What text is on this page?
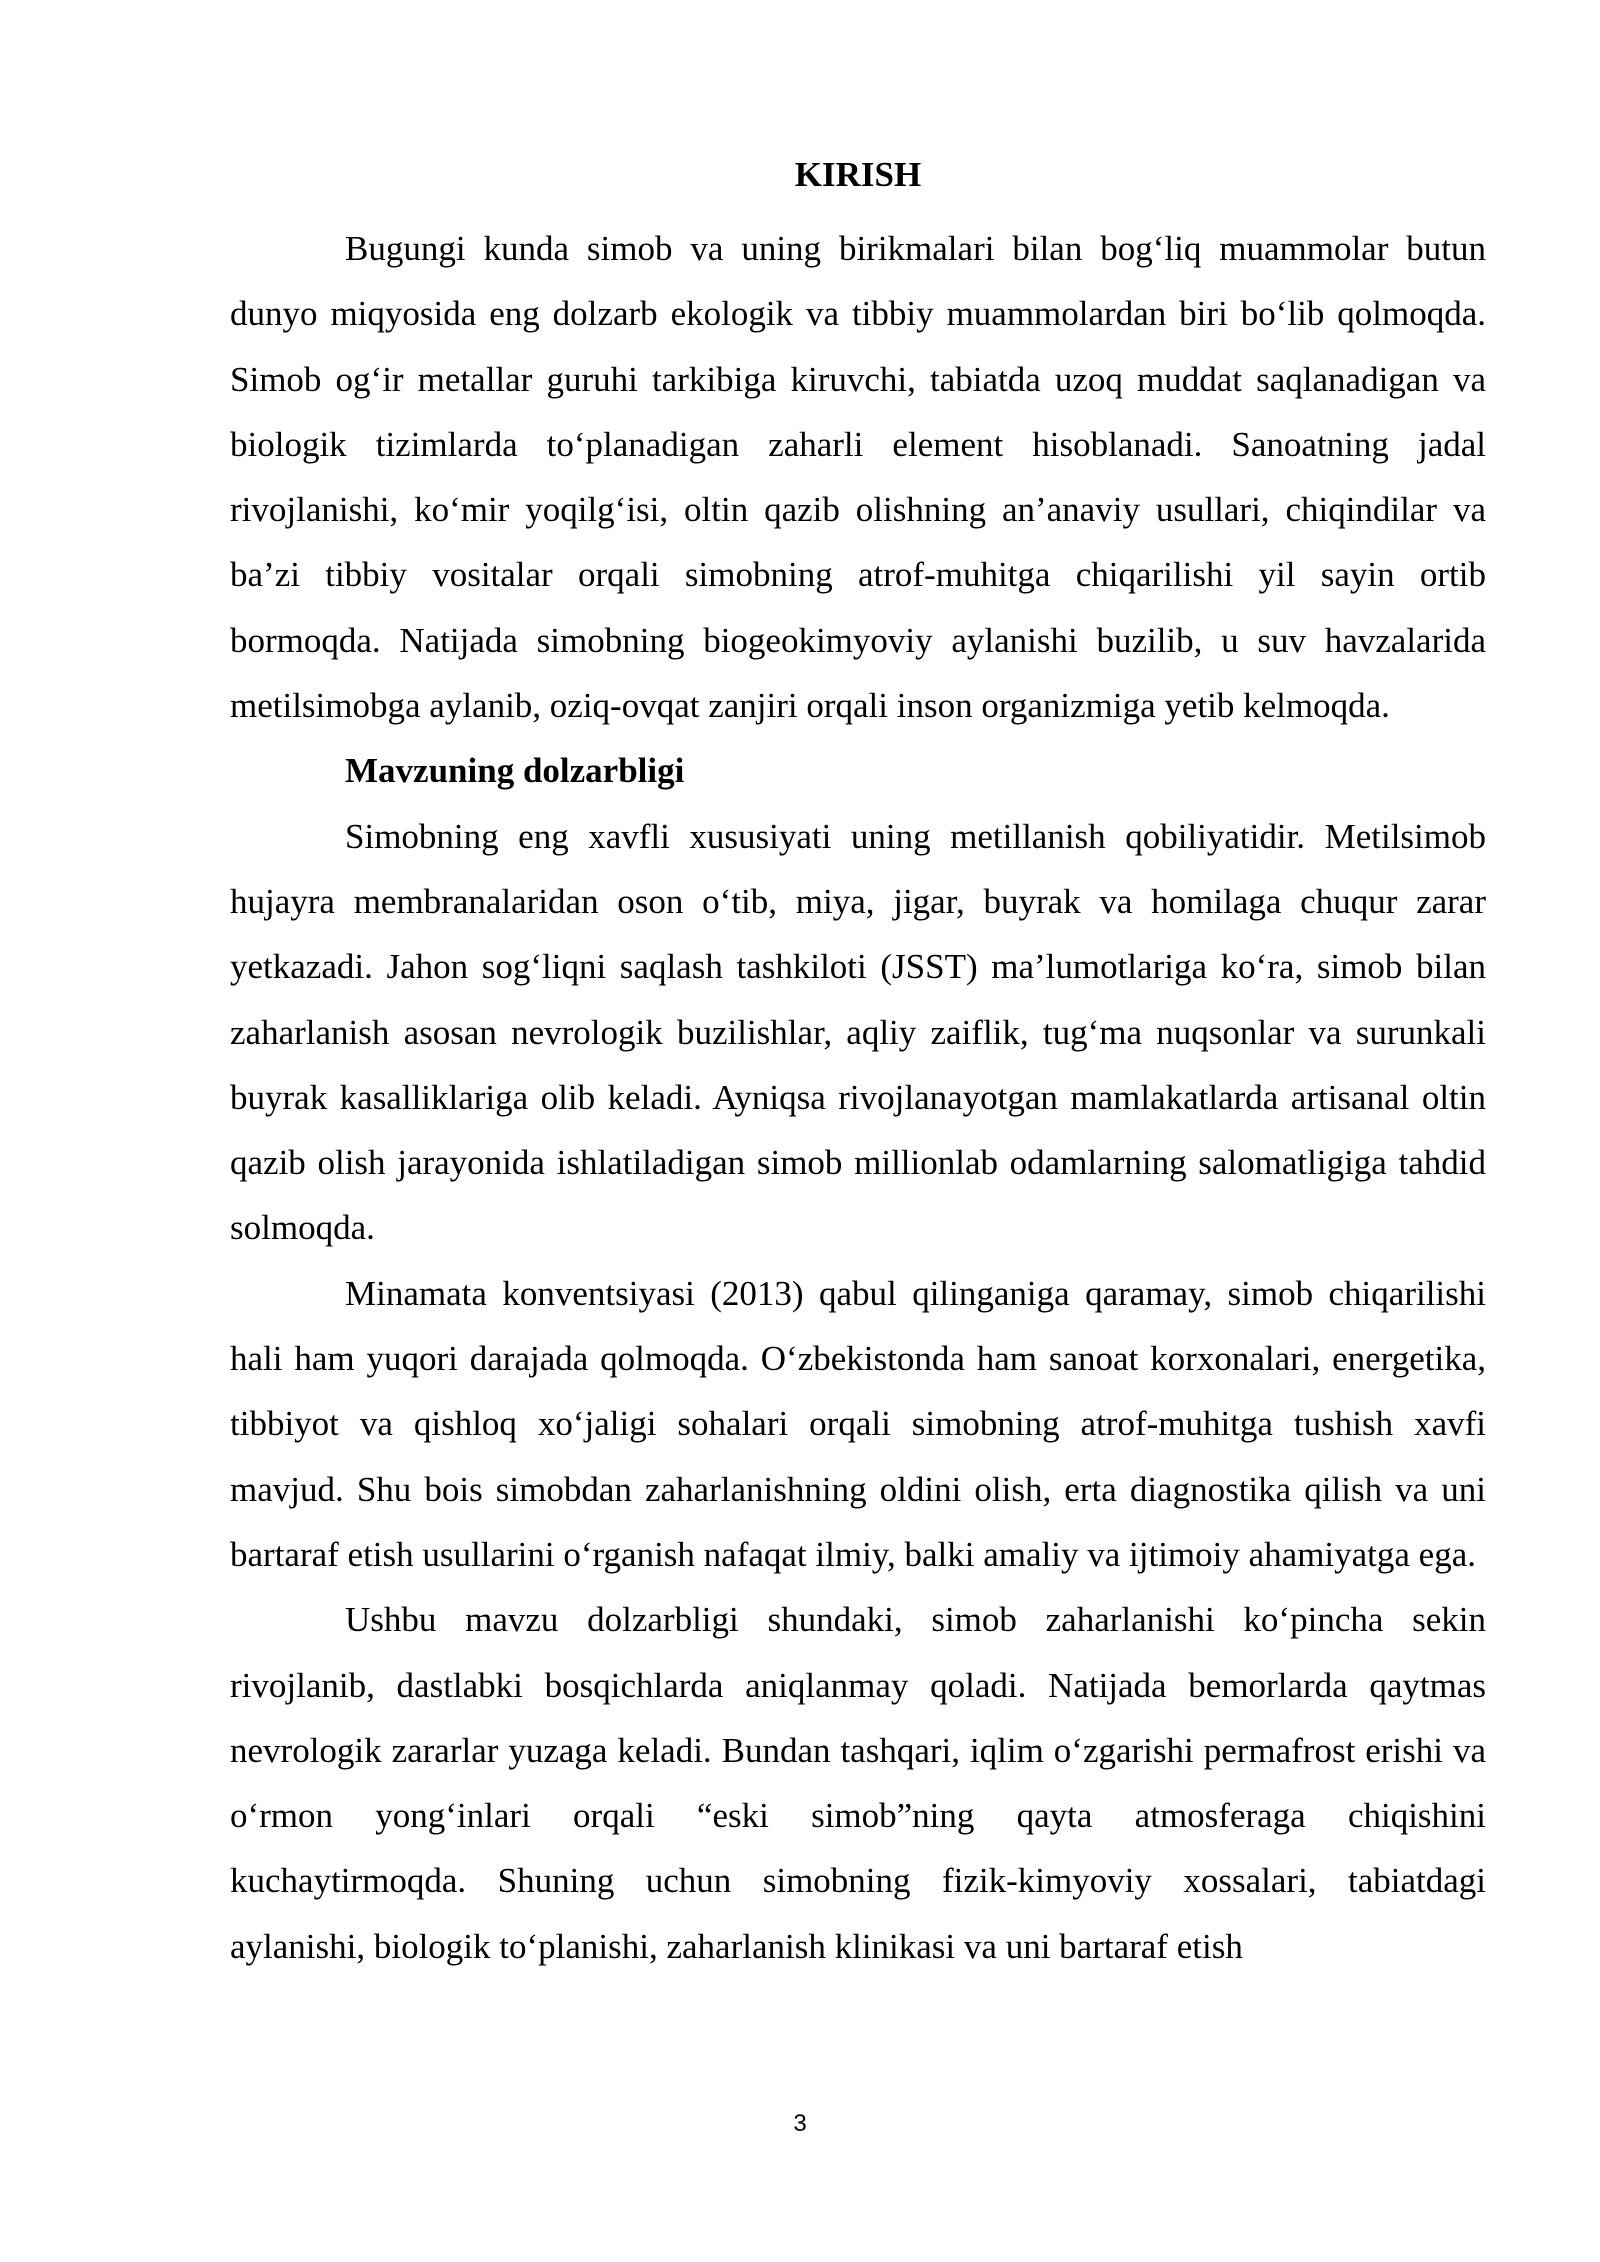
KIRISH

Bugungi kunda simob va uning birikmalari bilan bog‘liq muammolar butun dunyo miqyosida eng dolzarb ekologik va tibbiy muammolardan biri bo‘lib qolmoqda. Simob og‘ir metallar guruhi tarkibiga kiruvchi, tabiatda uzoq muddat saqlanadigan va biologik tizimlarda to‘planadigan zaharli element hisoblanadi. Sanoatning jadal rivojlanishi, ko‘mir yoqilg‘isi, oltin qazib olishning an’anaviy usullari, chiqindilar va ba’zi tibbiy vositalar orqali simobning atrof-muhitga chiqarilishi yil sayin ortib bormoqda. Natijada simobning biogeokimyoviy aylanishi buzilib, u suv havzalarida metilsimobga aylanib, oziq-ovqat zanjiri orqali inson organizmiga yetib kelmoqda.

Mavzuning dolzarbligi

Simobning eng xavfli xususiyati uning metillanish qobiliyatidir. Metilsimob hujayra membranalaridan oson o‘tib, miya, jigar, buyrak va homilaga chuqur zarar yetkazadi. Jahon sog‘liqni saqlash tashkiloti (JSST) ma’lumotlariga ko‘ra, simob bilan zaharlanish asosan nevrologik buzilishlar, aqliy zaiflik, tug‘ma nuqsonlar va surunkali buyrak kasalliklariga olib keladi. Ayniqsa rivojlanayotgan mamlakatlarda artisanal oltin qazib olish jarayonida ishlatiladigan simob millionlab odamlarning salomatligiga tahdid solmoqda.

Minamata konventsiyasi (2013) qabul qilinganiga qaramay, simob chiqarilishi hali ham yuqori darajada qolmoqda. O‘zbekistonda ham sanoat korxonalari, energetika, tibbiyot va qishloq xo‘jaligi sohalari orqali simobning atrof-muhitga tushish xavfi mavjud. Shu bois simobdan zaharlanishning oldini olish, erta diagnostika qilish va uni bartaraf etish usullarini o‘rganish nafaqat ilmiy, balki amaliy va ijtimoiy ahamiyatga ega.

Ushbu mavzu dolzarbligi shundaki, simob zaharlanishi ko‘pincha sekin rivojlanib, dastlabki bosqichlarda aniqlanmay qoladi. Natijada bemorlarda qaytmas nevrologik zararlar yuzaga keladi. Bundan tashqari, iqlim o‘zgarishi permafrost erishi va o‘rmon yong‘inlari orqali “eski simob”ning qayta atmosferaga chiqishini kuchaytirmoqda. Shuning uchun simobning fizik-kimyoviy xossalari, tabiatdagi aylanishi, biologik to‘planishi, zaharlanish klinikasi va uni bartaraf etish

3
